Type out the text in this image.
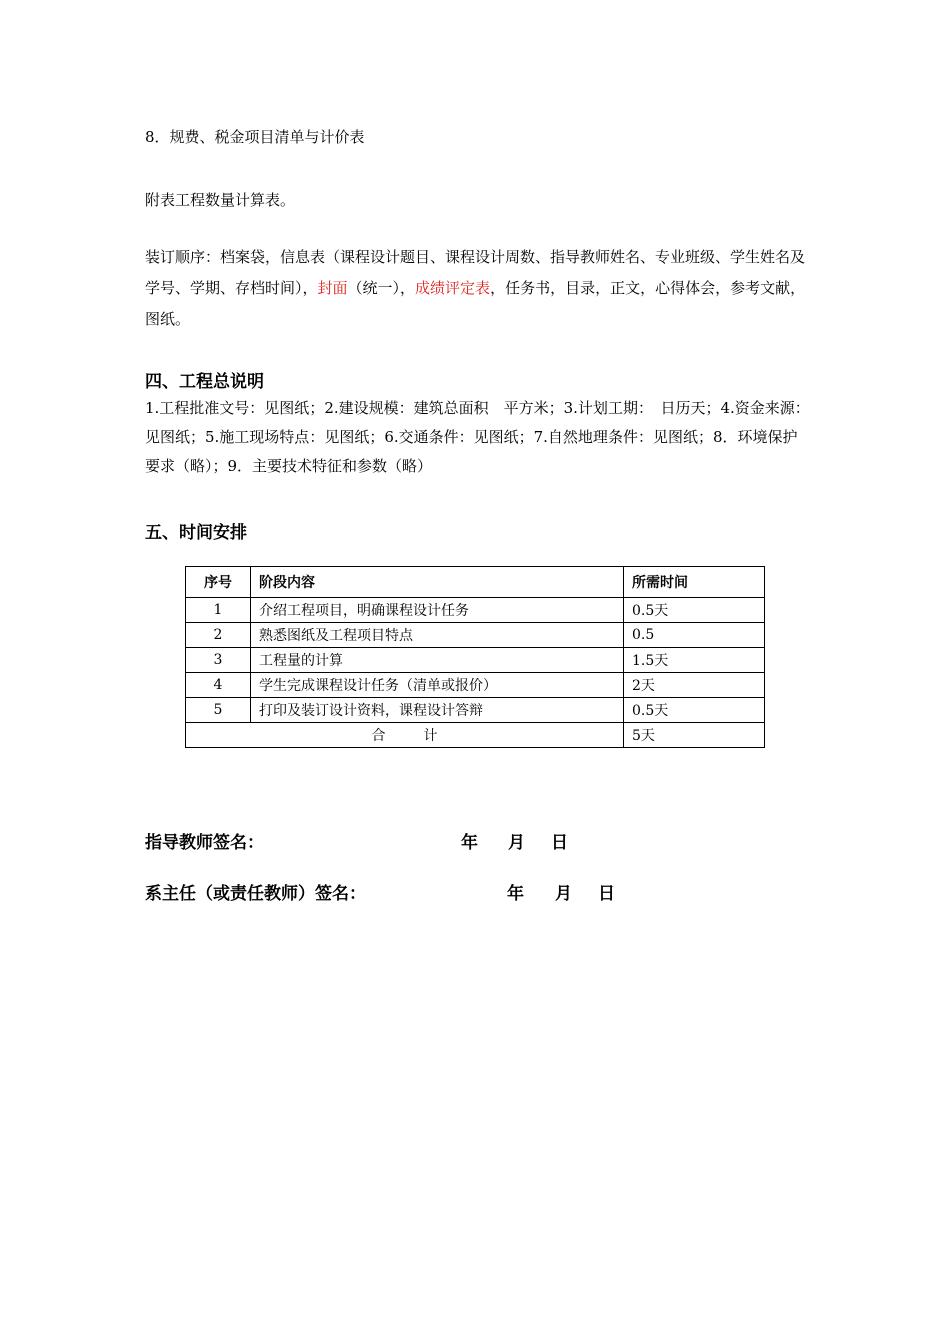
8．规费、税金项目清单与计价表
附表工程数量计算表。
装订顺序：档案袋，信息表（课程设计题目、课程设计周数、指导教师姓名、专业班级、学生姓名及学号、学期、存档时间），封面（统一），成绩评定表，任务书，目录，正文，心得体会，参考文献，图纸。
四、工程总说明
1.工程批准文号：见图纸；2.建设规模：建筑总面积　平方米；3.计划工期：　日历天；4.资金来源：见图纸；5.施工现场特点：见图纸；6.交通条件：见图纸；7.自然地理条件：见图纸；8．环境保护要求（略）；9．主要技术特征和参数（略）
五、时间安排
序号	阶段内容	所需时间
1	介绍工程项目，明确课程设计任务	0.5天
2	熟悉图纸及工程项目特点	0.5
3	工程量的计算	1.5天
4	学生完成课程设计任务（清单或报价）	2天
5	打印及装订设计资料，课程设计答辩	0.5天
合 计		5天
指导教师签名：	年 月 日
系主任（或责任教师）签名：	年 月 日
